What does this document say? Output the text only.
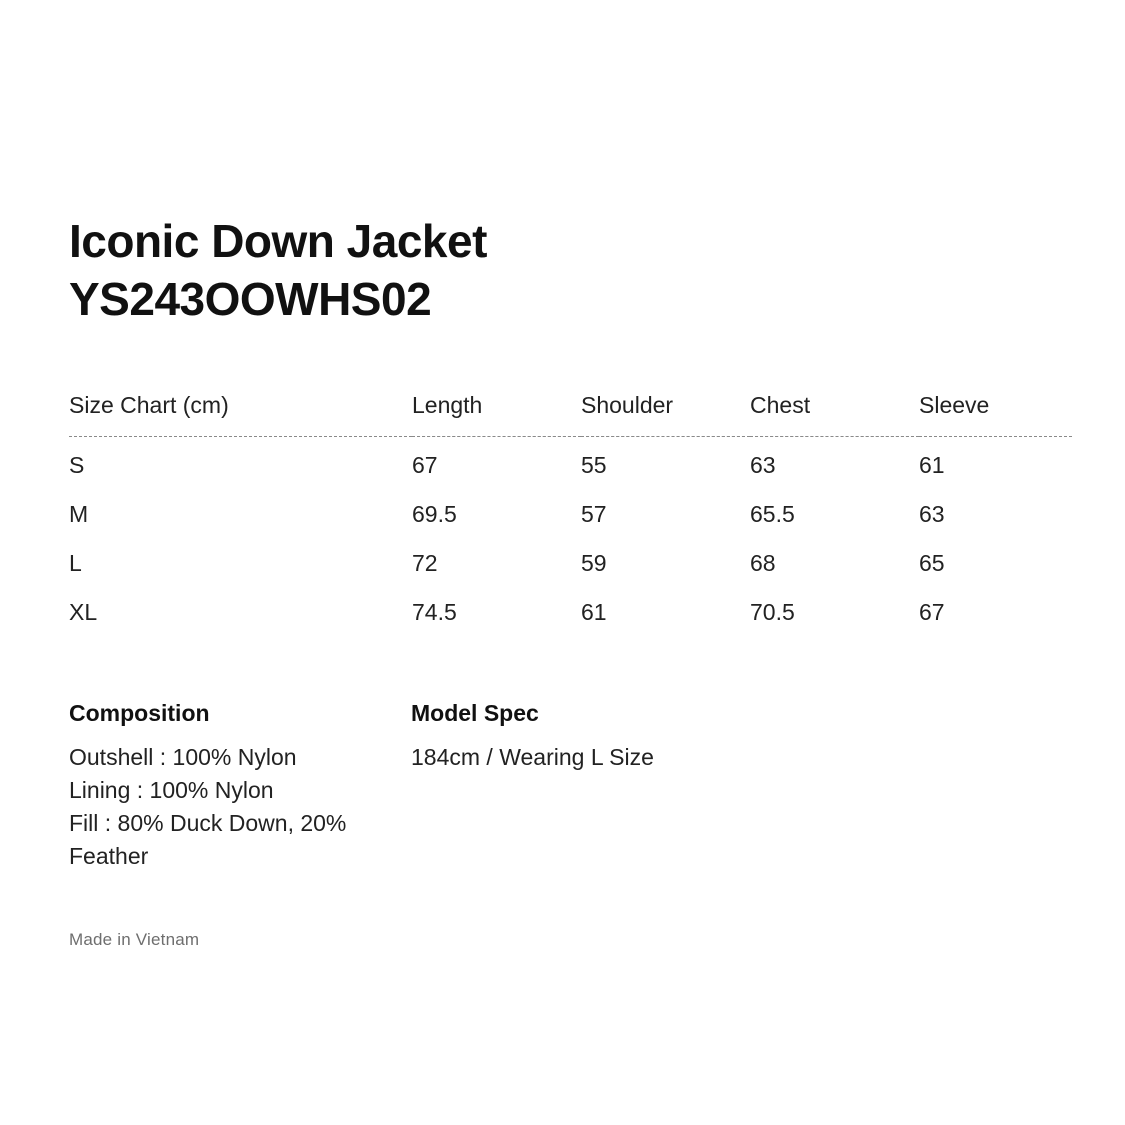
Iconic Down Jacket
YS243OOWHS02
Size Chart (cm)	Length	Shoulder	Chest	Sleeve
S	67	55	63	61
M	69.5	57	65.5	63
L	72	59	68	65
XL	74.5	61	70.5	67

Composition

Outshell : 100% Nylon
Lining : 100% Nylon
Fill : 80% Duck Down, 20%
Feather

Model Spec

184cm / Wearing L Size

Made in Vietnam
